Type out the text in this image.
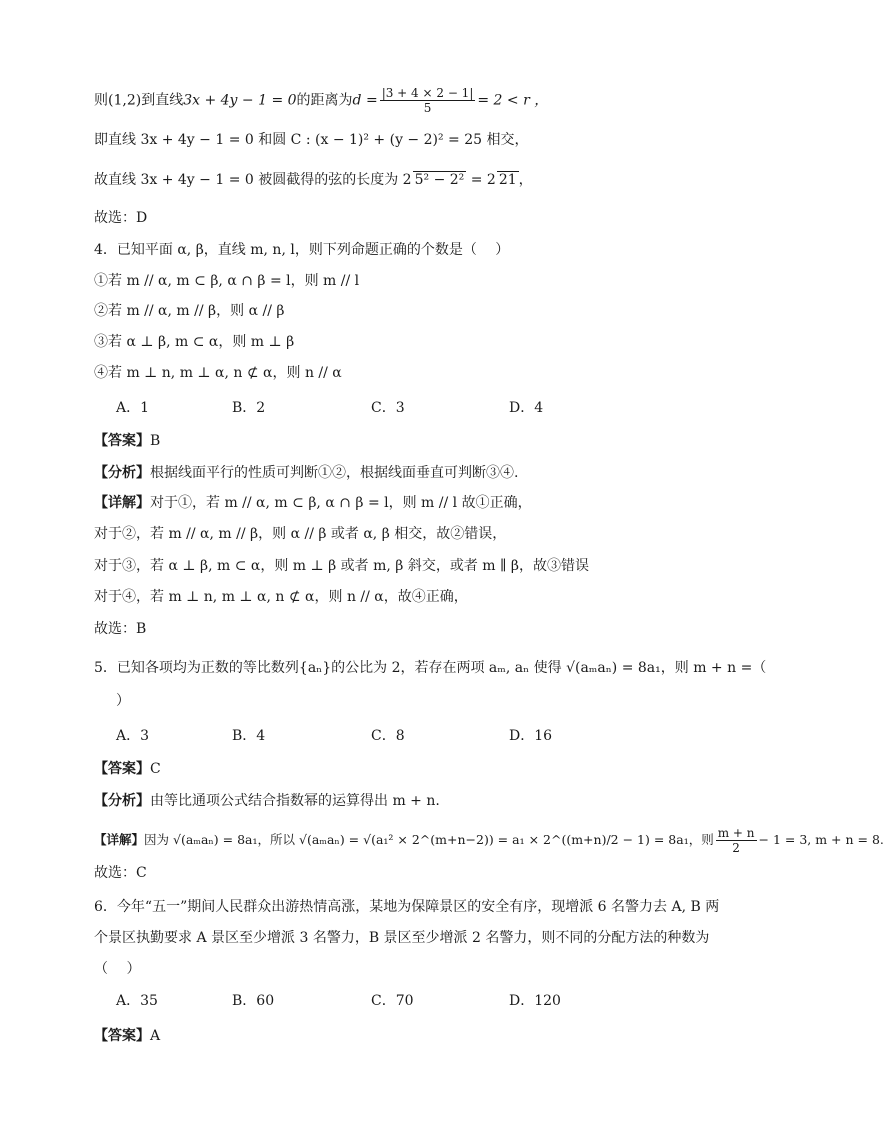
则(1,2)到直线3x + 4y − 1 = 0的距离为$d = \frac{|3 + 4 \times 2 - 1|}{5} = 2 < r$ ，
即直线 3x + 4y − 1 = 0 和圆 C : (x − 1)² + (y − 2)² = 25 相交，
故直线 3x + 4y − 1 = 0 被圆截得的弦的长度为 2 5² − 2² = 2 21 ，
故选：D
4．已知平面 α, β，直线 m, n, l，则下列命题正确的个数是（　 ）
①若 m // α, m ⊂ β, α ∩ β = l，则 m // l
②若 m // α, m // β，则 α // β
③若 α ⊥ β, m ⊂ α，则 m ⊥ β
④若 m ⊥ n, m ⊥ α, n ⊄ α，则 n // α
A．1	B．2	C．3	D．4
【答案】B
【分析】根据线面平行的性质可判断①②，根据线面垂直可判断③④.
【详解】对于①，若 m // α, m ⊂ β, α ∩ β = l，则 m // l 故①正确，
对于②，若 m // α, m // β，则 α // β 或者 α, β 相交，故②错误，
对于③，若 α ⊥ β, m ⊂ α，则 m ⊥ β 或者 m, β 斜交，或者 m ∥ β，故③错误
对于④，若 m ⊥ n, m ⊥ α, n ⊄ α，则 n // α，故④正确，
故选：B
5．已知各项均为正数的等比数列{aₙ}的公比为 2，若存在两项 aₘ, aₙ 使得 √(aₘaₙ) = 8a₁，则 m + n =（
）
A．3	B．4	C．8	D．16
【答案】C
【分析】由等比通项公式结合指数幂的运算得出 m + n.
【详解】因为 √(aₘaₙ) = 8a₁，所以 √(aₘaₙ) = √(a₁² × 2^(m+n−2)) = a₁ × 2^((m+n)/2 − 1) = 8a₁，则 $\frac{m + n}{2} - 1 = 3$, m + n = 8.
故选：C
6．今年“五一”期间人民群众出游热情高涨，某地为保障景区的安全有序，现增派 6 名警力去 A, B 两
个景区执勤要求 A 景区至少增派 3 名警力，B 景区至少增派 2 名警力，则不同的分配方法的种数为
（　 ）
A．35	B．60	C．70	D．120
【答案】A
